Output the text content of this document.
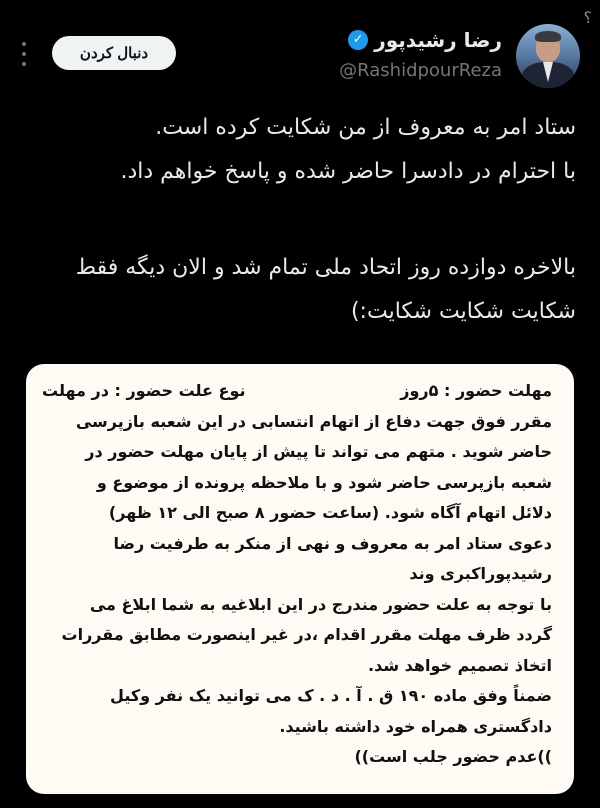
؟
رضا رشیدپور
✓
@RashidpourReza
دنبال کردن

ستاد امر به معروف از من شکایت کرده است.

با احترام در دادسرا حاضر شده و پاسخ خواهم داد.

بالاخره دوازده روز اتحاد ملی تمام شد و الان دیگه فقط

شکایت شکایت شکایت:)

مهلت حضور : ۵روز
نوع علت حضور : در مهلت
مقرر فوق جهت دفاع از اتهام انتسابی در این شعبه بازپرسی
حاضر شوید . متهم می تواند تا پیش از پایان مهلت حضور در
شعبه بازپرسی حاضر شود و با ملاحظه پرونده از موضوع و
دلائل اتهام آگاه شود. (ساعت حضور ۸ صبح الی ۱۲ ظهر)
دعوی ستاد امر به معروف و نهی از منکر به طرفیت رضا
رشیدپوراکبری وند
با توجه به علت حضور مندرج در این ابلاغیه به شما ابلاغ می
گردد ظرف مهلت مقرر اقدام ،در غیر اینصورت مطابق مقررات
اتخاذ تصمیم خواهد شد.
ضمناً وفق ماده ۱۹۰ ق . آ . د . ک می توانید یک نفر وکیل
دادگستری همراه خود داشته باشید.
))عدم حضور جلب است))
